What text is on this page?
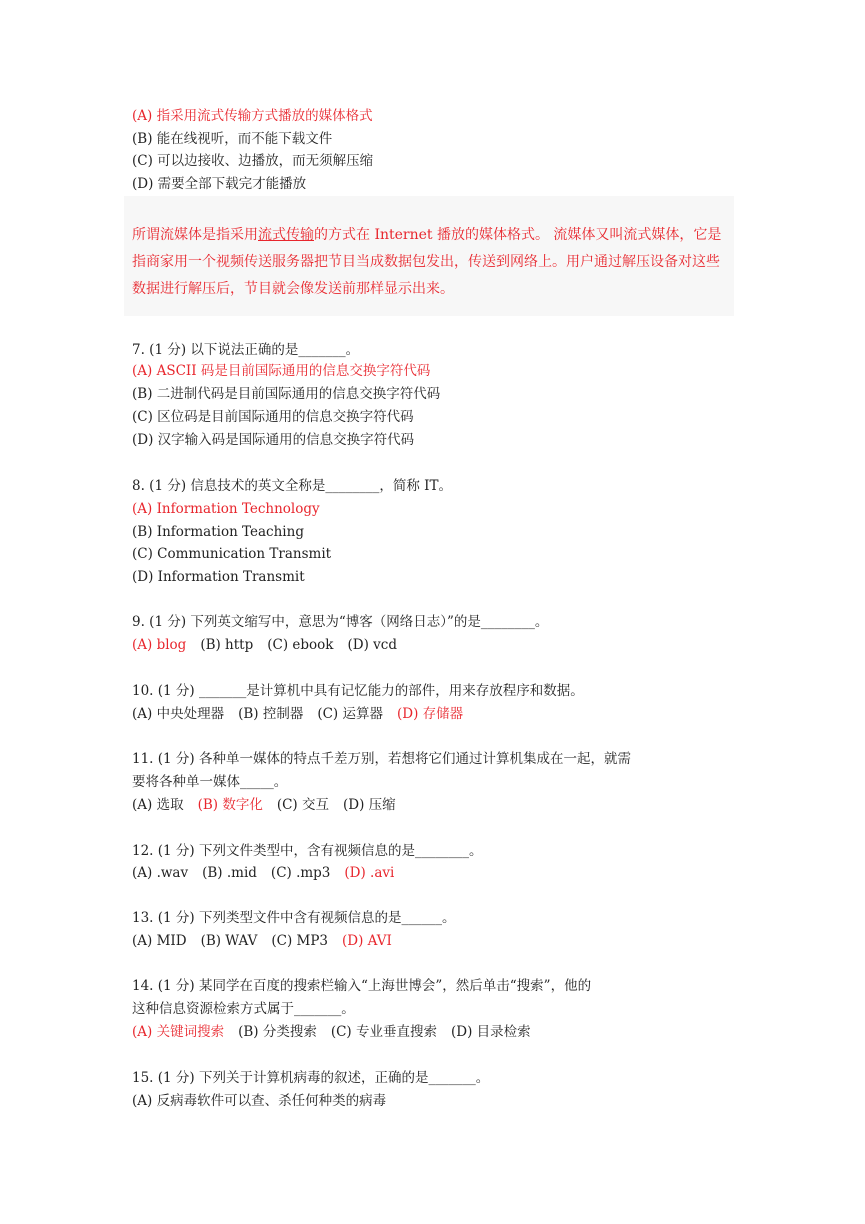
(A) 指采用流式传输方式播放的媒体格式
(B) 能在线视听，而不能下载文件
(C) 可以边接收、边播放，而无须解压缩
(D) 需要全部下载完才能播放
所谓流媒体是指采用流式传输的方式在 Internet 播放的媒体格式。 流媒体又叫流式媒体，它是指商家用一个视频传送服务器把节目当成数据包发出，传送到网络上。用户通过解压设备对这些数据进行解压后，节目就会像发送前那样显示出来。
7. (1 分) 以下说法正确的是_______。
(A) ASCII 码是目前国际通用的信息交换字符代码
(B) 二进制代码是目前国际通用的信息交换字符代码
(C) 区位码是目前国际通用的信息交换字符代码
(D) 汉字输入码是国际通用的信息交换字符代码
8. (1 分) 信息技术的英文全称是________，简称 IT。
(A) Information Technology
(B) Information Teaching
(C) Communication Transmit
(D) Information Transmit
9. (1 分) 下列英文缩写中，意思为“博客（网络日志）”的是________。
(A) blog (B) http (C) ebook (D) vcd
10. (1 分) _______是计算机中具有记忆能力的部件，用来存放程序和数据。
(A) 中央处理器 (B) 控制器 (C) 运算器 (D) 存储器
11. (1 分) 各种单一媒体的特点千差万别，若想将它们通过计算机集成在一起，就需
要将各种单一媒体_____。
(A) 选取 (B) 数字化 (C) 交互 (D) 压缩
12. (1 分) 下列文件类型中，含有视频信息的是________。
(A) .wav (B) .mid (C) .mp3 (D) .avi
13. (1 分) 下列类型文件中含有视频信息的是______。
(A) MID (B) WAV (C) MP3 (D) AVI
14. (1 分) 某同学在百度的搜索栏输入“上海世博会”，然后单击“搜索”，他的
这种信息资源检索方式属于_______。
(A) 关键词搜索 (B) 分类搜索 (C) 专业垂直搜索 (D) 目录检索
15. (1 分) 下列关于计算机病毒的叙述，正确的是_______。
(A) 反病毒软件可以查、杀任何种类的病毒
